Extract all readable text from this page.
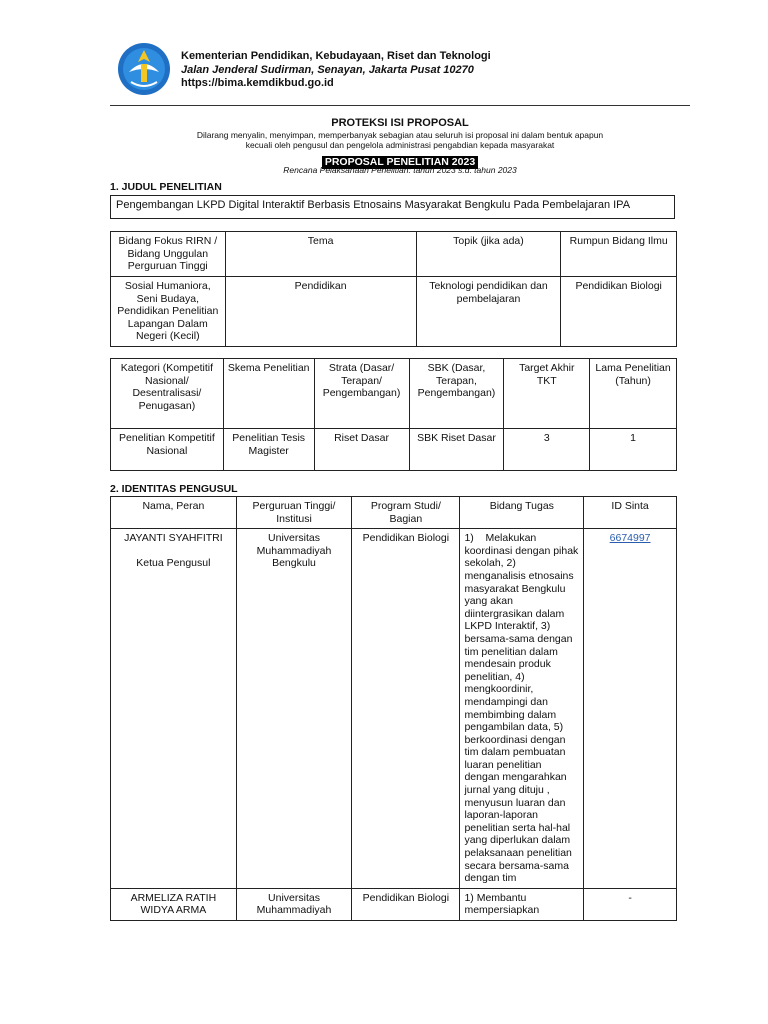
Kementerian Pendidikan, Kebudayaan, Riset dan Teknologi
Jalan Jenderal Sudirman, Senayan, Jakarta Pusat 10270
https://bima.kemdikbud.go.id
PROTEKSI ISI PROPOSAL
Dilarang menyalin, menyimpan, memperbanyak sebagian atau seluruh isi proposal ini dalam bentuk apapun
kecuali oleh pengusul dan pengelola administrasi pengabdian kepada masyarakat
PROPOSAL PENELITIAN 2023
Rencana Pelaksanaan Penelitian: tahun 2023 s.d. tahun 2023
1. JUDUL PENELITIAN
Pengembangan LKPD Digital Interaktif Berbasis Etnosains Masyarakat Bengkulu Pada Pembelajaran IPA
Bidang Fokus RIRN / Bidang Unggulan Perguruan Tinggi	Tema	Topik (jika ada)	Rumpun Bidang Ilmu
Sosial Humaniora, Seni Budaya, Pendidikan Penelitian Lapangan Dalam Negeri (Kecil)	Pendidikan	Teknologi pendidikan dan pembelajaran	Pendidikan Biologi
Kategori (Kompetitif Nasional/ Desentralisasi/ Penugasan)	Skema Penelitian	Strata (Dasar/ Terapan/ Pengembangan)	SBK (Dasar, Terapan, Pengembangan)	Target Akhir TKT	Lama Penelitian (Tahun)
Penelitian Kompetitif Nasional	Penelitian Tesis Magister	Riset Dasar	SBK Riset Dasar	3	1
2. IDENTITAS PENGUSUL
Nama, Peran	Perguruan Tinggi/ Institusi	Program Studi/ Bagian	Bidang Tugas	ID Sinta

JAYANTI SYAHFITRI
Ketua Pengusul	Universitas Muhammadiyah Bengkulu	Pendidikan Biologi	1)    Melakukan koordinasi dengan pihak sekolah, 2) menganalisis etnosains masyarakat Bengkulu yang akan diintergrasikan dalam LKPD Interaktif, 3) bersama-sama dengan tim penelitian dalam mendesain produk penelitian, 4) mengkoordinir, mendampingi dan membimbing dalam pengambilan data, 5) berkoordinasi dengan tim dalam pembuatan luaran penelitian dengan mengarahkan jurnal yang dituju , menyusun luaran dan laporan-laporan penelitian serta hal-hal yang diperlukan dalam pelaksanaan penelitian secara bersama-sama dengan tim	6674997
ARMELIZA RATIH WIDYA ARMA	Universitas Muhammadiyah	Pendidikan Biologi	1) Membantu mempersiapkan	-
